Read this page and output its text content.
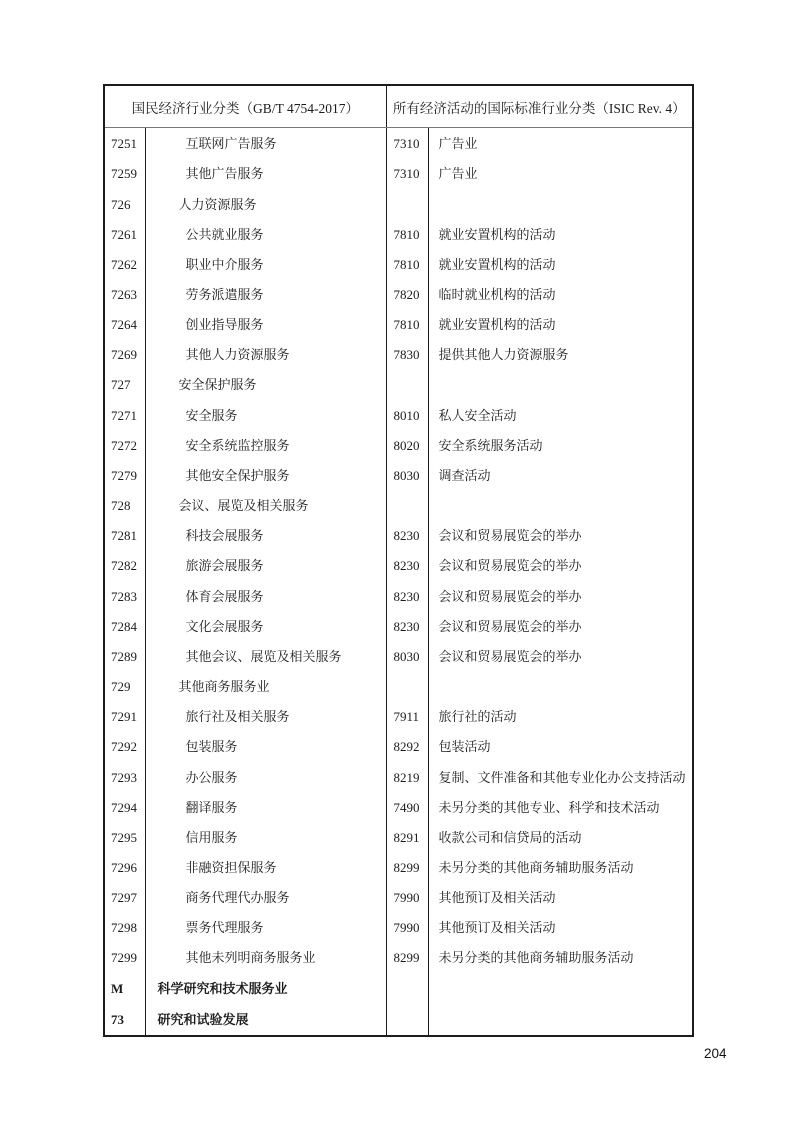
国民经济行业分类（GB/T 4754-2017）		所有经济活动的国际标准行业分类（ISIC Rev. 4）	
7251	互联网广告服务	7310	广告业
7259	其他广告服务	7310	广告业
726	人力资源服务		
7261	公共就业服务	7810	就业安置机构的活动
7262	职业中介服务	7810	就业安置机构的活动
7263	劳务派遣服务	7820	临时就业机构的活动
7264	创业指导服务	7810	就业安置机构的活动
7269	其他人力资源服务	7830	提供其他人力资源服务
727	安全保护服务		
7271	安全服务	8010	私人安全活动
7272	安全系统监控服务	8020	安全系统服务活动
7279	其他安全保护服务	8030	调查活动
728	会议、展览及相关服务		
7281	科技会展服务	8230	会议和贸易展览会的举办
7282	旅游会展服务	8230	会议和贸易展览会的举办
7283	体育会展服务	8230	会议和贸易展览会的举办
7284	文化会展服务	8230	会议和贸易展览会的举办
7289	其他会议、展览及相关服务	8030	会议和贸易展览会的举办
729	其他商务服务业		
7291	旅行社及相关服务	7911	旅行社的活动
7292	包装服务	8292	包装活动
7293	办公服务	8219	复制、文件准备和其他专业化办公支持活动
7294	翻译服务	7490	未另分类的其他专业、科学和技术活动
7295	信用服务	8291	收款公司和信贷局的活动
7296	非融资担保服务	8299	未另分类的其他商务辅助服务活动
7297	商务代理代办服务	7990	其他预订及相关活动
7298	票务代理服务	7990	其他预订及相关活动
7299	其他未列明商务服务业	8299	未另分类的其他商务辅助服务活动
M	科学研究和技术服务业		
73	研究和试验发展		
204
